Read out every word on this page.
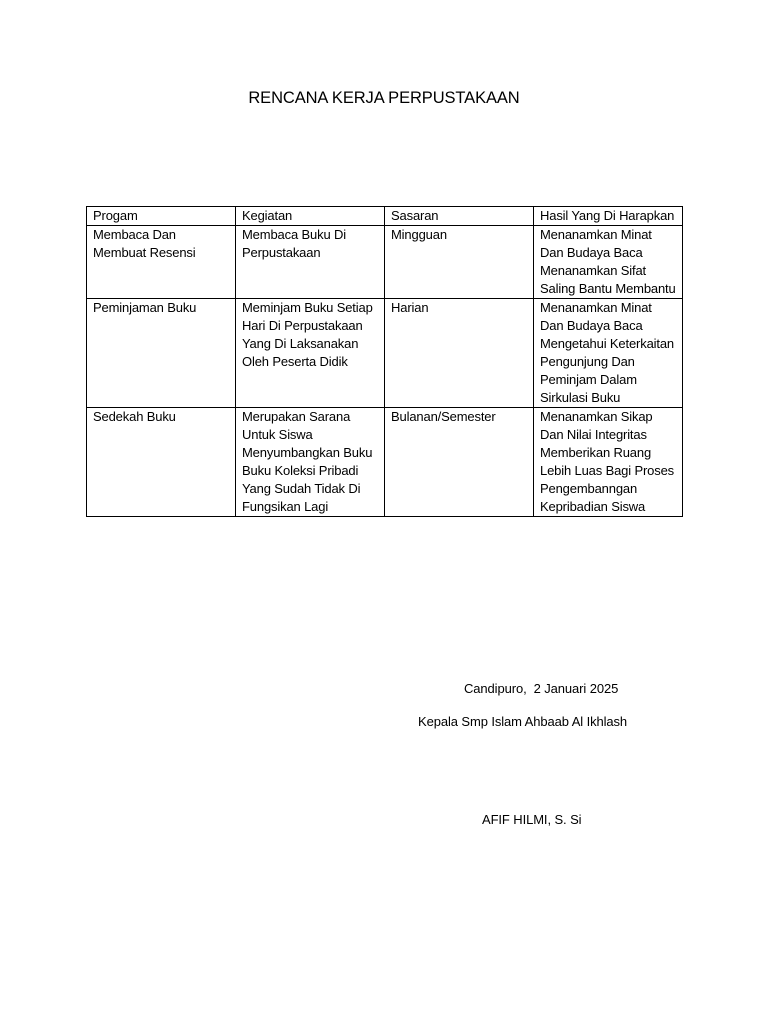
RENCANA KERJA PERPUSTAKAAN
Progam	Kegiatan	Sasaran	Hasil Yang Di Harapkan
Membaca Dan Membuat Resensi	Membaca Buku Di Perpustakaan	Mingguan	Menanamkan Minat Dan Budaya Baca Menanamkan Sifat Saling Bantu Membantu
Peminjaman Buku	Meminjam Buku Setiap Hari Di Perpustakaan Yang Di Laksanakan Oleh Peserta Didik	Harian	Menanamkan Minat Dan Budaya Baca Mengetahui Keterkaitan Pengunjung Dan Peminjam Dalam Sirkulasi Buku
Sedekah Buku	Merupakan Sarana Untuk Siswa Menyumbangkan Buku Buku Koleksi Pribadi Yang Sudah Tidak Di Fungsikan Lagi	Bulanan/Semester	Menanamkan Sikap Dan Nilai Integritas Memberikan Ruang Lebih Luas Bagi Proses Pengembanngan Kepribadian Siswa
Candipuro,  2 Januari 2025
Kepala Smp Islam Ahbaab Al Ikhlash
AFIF HILMI, S. Si
